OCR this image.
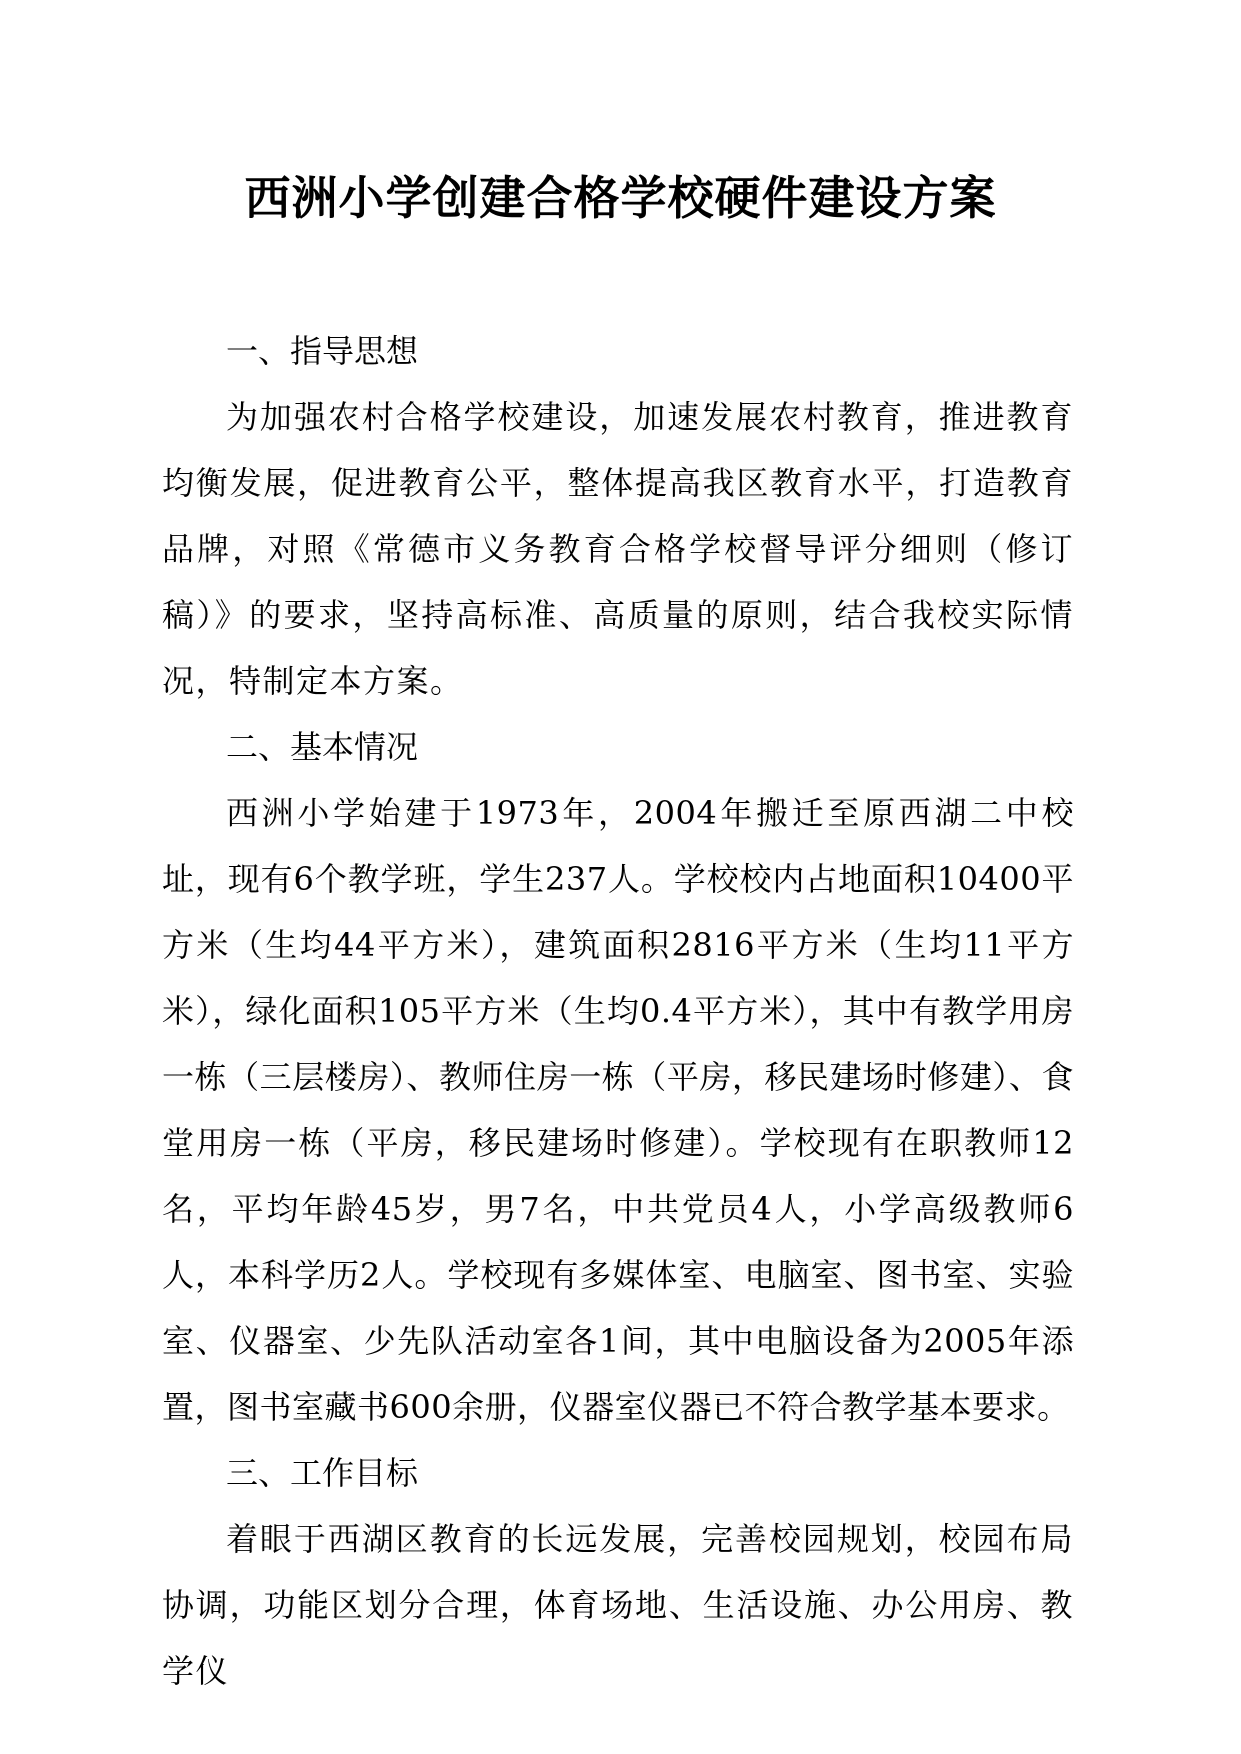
西洲小学创建合格学校硬件建设方案
一、指导思想

为加强农村合格学校建设，加速发展农村教育，推进教育均衡发展，促进教育公平，整体提高我区教育水平，打造教育品牌，对照《常德市义务教育合格学校督导评分细则（修订稿）》的要求，坚持高标准、高质量的原则，结合我校实际情况，特制定本方案。

二、基本情况

西洲小学始建于1973年，2004年搬迁至原西湖二中校址，现有6个教学班，学生237人。学校校内占地面积10400平方米（生均44平方米），建筑面积2816平方米（生均11平方米），绿化面积105平方米（生均0.4平方米），其中有教学用房一栋（三层楼房）、教师住房一栋（平房，移民建场时修建）、食堂用房一栋（平房，移民建场时修建）。学校现有在职教师12名，平均年龄45岁，男7名，中共党员4人，小学高级教师6人，本科学历2人。学校现有多媒体室、电脑室、图书室、实验室、仪器室、少先队活动室各1间，其中电脑设备为2005年添置，图书室藏书600余册，仪器室仪器已不符合教学基本要求。

三、工作目标

着眼于西湖区教育的长远发展，完善校园规划，校园布局协调，功能区划分合理，体育场地、生活设施、办公用房、教学仪
